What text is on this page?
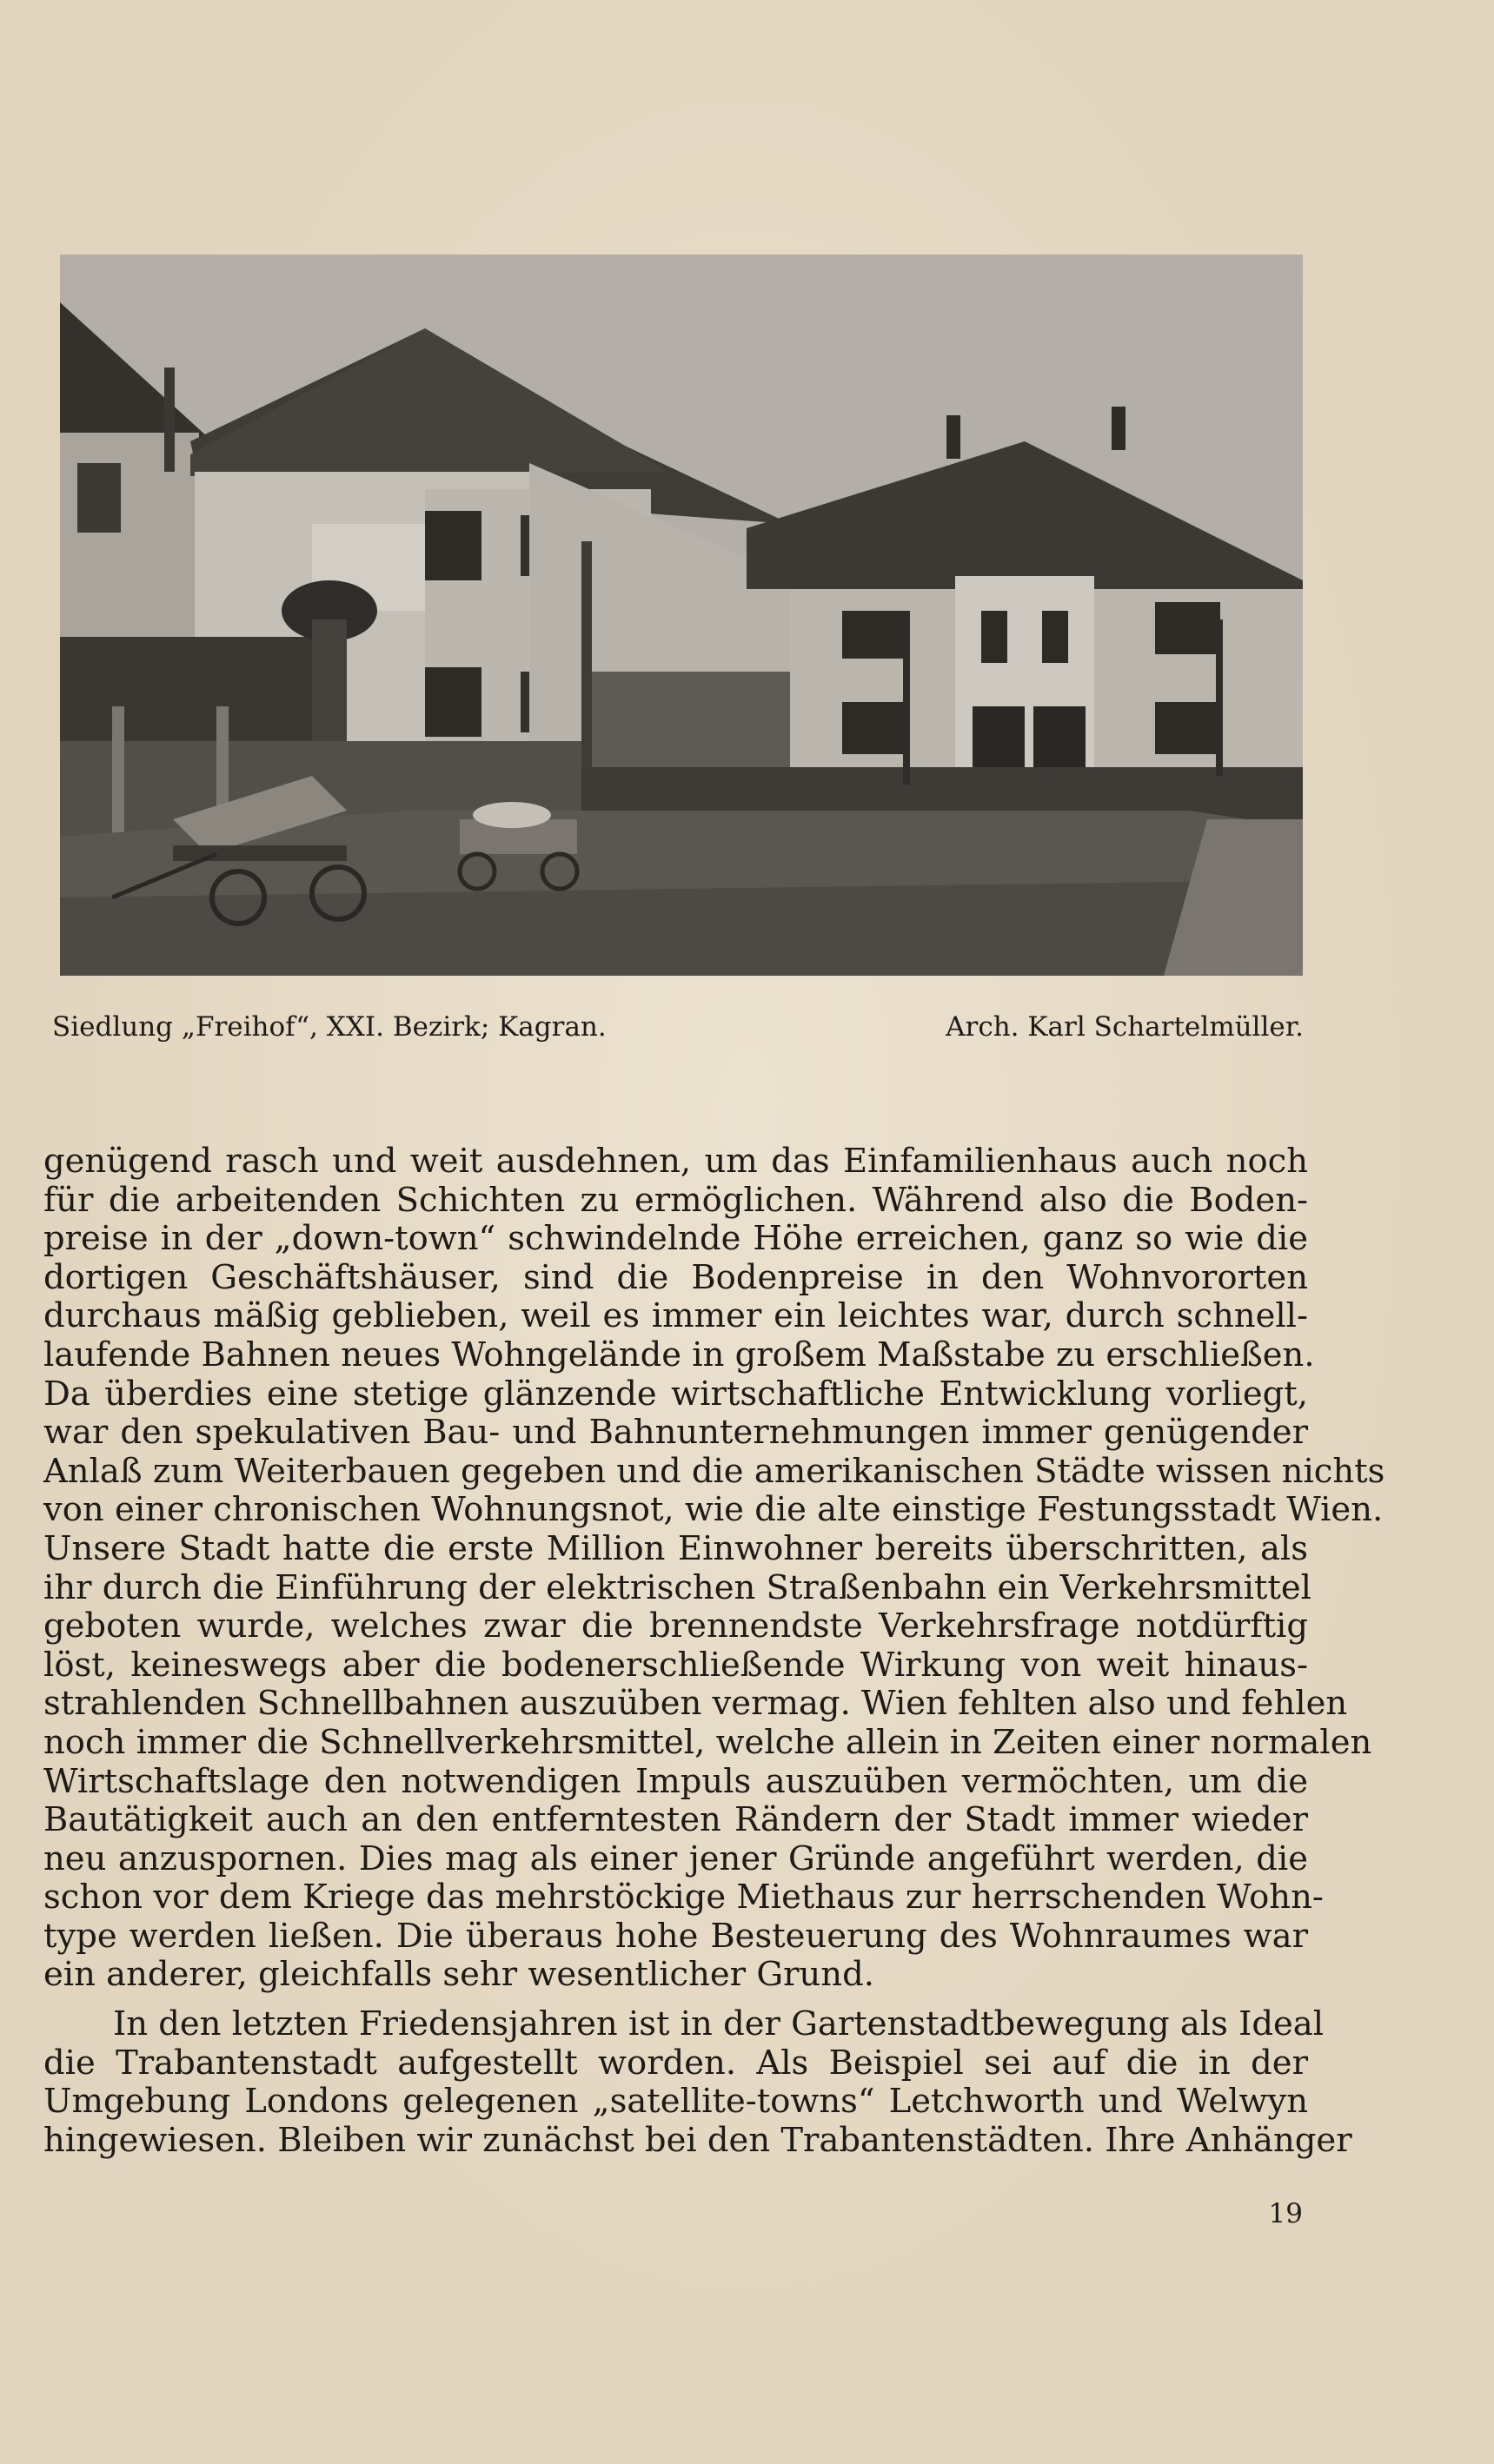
Siedlung „Freihof“, XXI. Bezirk; Kagran.	Arch. Karl Schartelmüller.

genügend rasch und weit ausdehnen, um das Einfamilienhaus auch noch
für die arbeitenden Schichten zu ermöglichen. Während also die Boden-
preise in der „down-town“ schwindelnde Höhe erreichen, ganz so wie die
dortigen Geschäftshäuser, sind die Bodenpreise in den Wohnvororten
durchaus mäßig geblieben, weil es immer ein leichtes war, durch schnell-
laufende Bahnen neues Wohngelände in großem Maßstabe zu erschließen.
Da überdies eine stetige glänzende wirtschaftliche Entwicklung vorliegt,
war den spekulativen Bau- und Bahnunternehmungen immer genügender
Anlaß zum Weiterbauen gegeben und die amerikanischen Städte wissen nichts
von einer chronischen Wohnungsnot, wie die alte einstige Festungsstadt Wien.
Unsere Stadt hatte die erste Million Einwohner bereits überschritten, als
ihr durch die Einführung der elektrischen Straßenbahn ein Verkehrsmittel
geboten wurde, welches zwar die brennendste Verkehrsfrage notdürftig
löst, keineswegs aber die bodenerschließende Wirkung von weit hinaus-
strahlenden Schnellbahnen auszuüben vermag. Wien fehlten also und fehlen
noch immer die Schnellverkehrsmittel, welche allein in Zeiten einer normalen
Wirtschaftslage den notwendigen Impuls auszuüben vermöchten, um die
Bautätigkeit auch an den entferntesten Rändern der Stadt immer wieder
neu anzuspornen. Dies mag als einer jener Gründe angeführt werden, die
schon vor dem Kriege das mehrstöckige Miethaus zur herrschenden Wohn-
type werden ließen. Die überaus hohe Besteuerung des Wohnraumes war
ein anderer, gleichfalls sehr wesentlicher Grund.

In den letzten Friedensjahren ist in der Gartenstadtbewegung als Ideal
die Trabantenstadt aufgestellt worden. Als Beispiel sei auf die in der
Umgebung Londons gelegenen „satellite-towns“ Letchworth und Welwyn
hingewiesen. Bleiben wir zunächst bei den Trabantenstädten. Ihre Anhänger

19
